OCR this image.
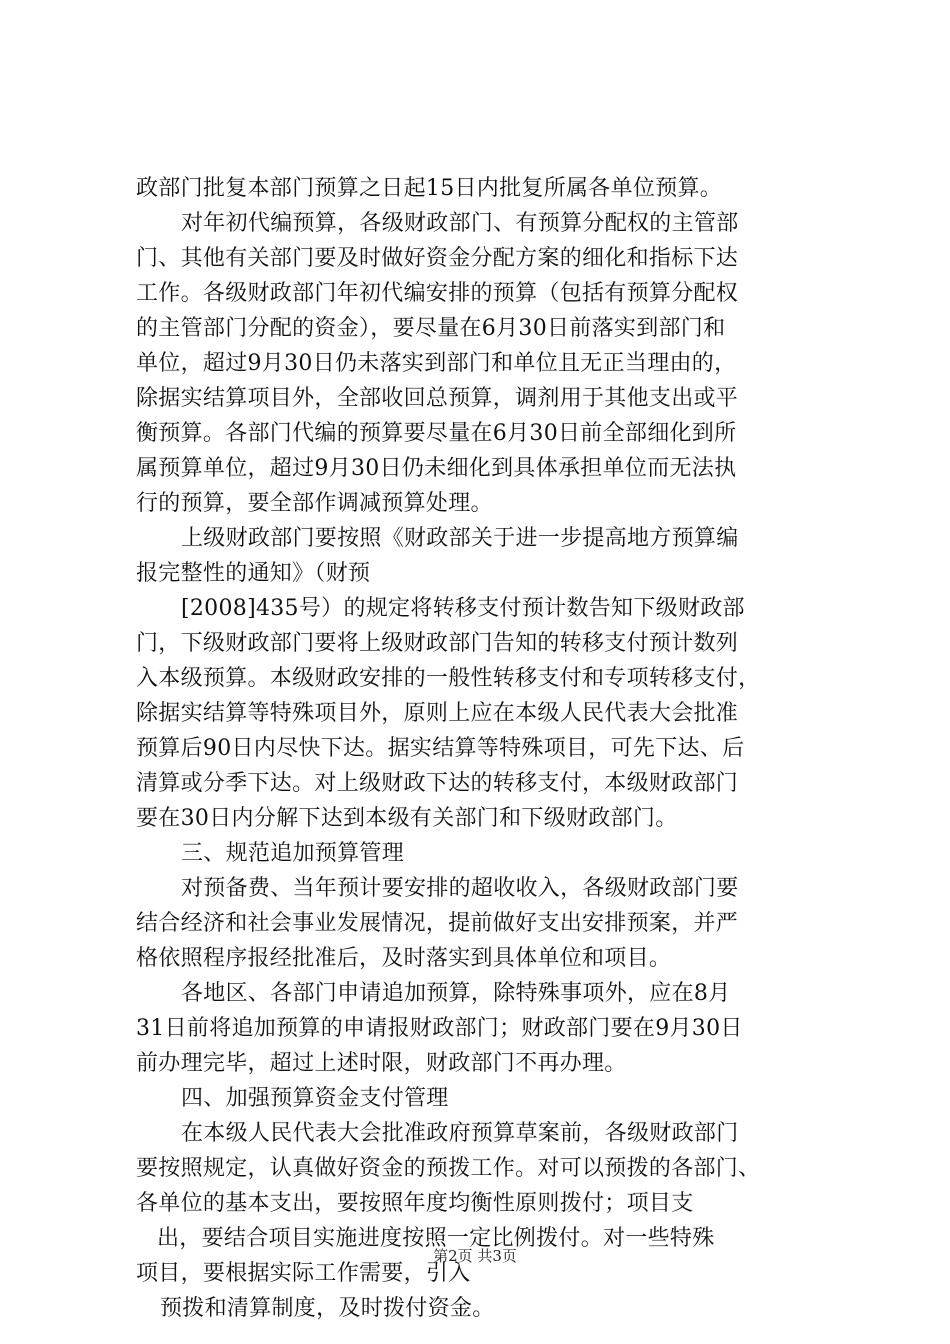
政部门批复本部门预算之日起15日内批复所属各单位预算。
对年初代编预算，各级财政部门、有预算分配权的主管部
门、其他有关部门要及时做好资金分配方案的细化和指标下达
工作。各级财政部门年初代编安排的预算（包括有预算分配权
的主管部门分配的资金），要尽量在6月30日前落实到部门和
单位，超过9月30日仍未落实到部门和单位且无正当理由的，
除据实结算项目外，全部收回总预算，调剂用于其他支出或平
衡预算。各部门代编的预算要尽量在6月30日前全部细化到所
属预算单位，超过9月30日仍未细化到具体承担单位而无法执
行的预算，要全部作调减预算处理。
上级财政部门要按照《财政部关于进一步提高地方预算编
报完整性的通知》（财预
[2008]435号）的规定将转移支付预计数告知下级财政部
门，下级财政部门要将上级财政部门告知的转移支付预计数列
入本级预算。本级财政安排的一般性转移支付和专项转移支付，
除据实结算等特殊项目外，原则上应在本级人民代表大会批准
预算后90日内尽快下达。据实结算等特殊项目，可先下达、后
清算或分季下达。对上级财政下达的转移支付，本级财政部门
要在30日内分解下达到本级有关部门和下级财政部门。
三、规范追加预算管理
对预备费、当年预计要安排的超收收入，各级财政部门要
结合经济和社会事业发展情况，提前做好支出安排预案，并严
格依照程序报经批准后，及时落实到具体单位和项目。
各地区、各部门申请追加预算，除特殊事项外，应在8月
31日前将追加预算的申请报财政部门；财政部门要在9月30日
前办理完毕，超过上述时限，财政部门不再办理。
四、加强预算资金支付管理
在本级人民代表大会批准政府预算草案前，各级财政部门
要按照规定，认真做好资金的预拨工作。对可以预拨的各部门、
各单位的基本支出，要按照年度均衡性原则拨付；项目支
出，要结合项目实施进度按照一定比例拨付。对一些特殊
项目，要根据实际工作需要，引入
预拨和清算制度，及时拨付资金。
第2页 共3页
